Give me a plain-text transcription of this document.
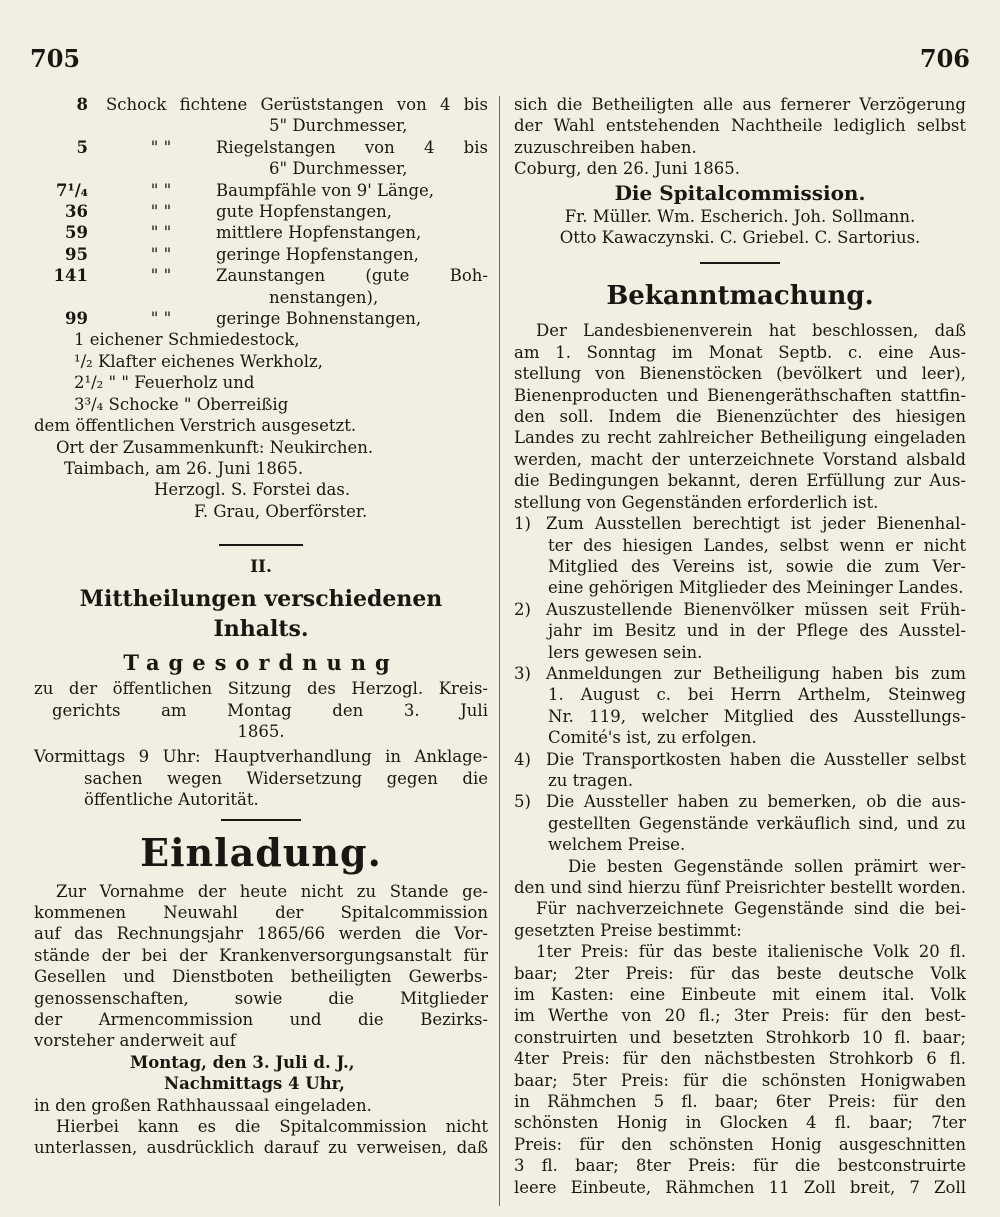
705	706
8	Schock fichtene Gerüststangen von 4 bis
5" Durchmesser,
5	" "	Riegelstangen von 4 bis
6" Durchmesser,
7¹/₄	" "	Baumpfähle von 9' Länge,
36	" "	gute Hopfenstangen,
59	" "	mittlere Hopfenstangen,
95	" "	geringe Hopfenstangen,
141	" "	Zaunstangen (gute Boh-
nenstangen),
99	" "	geringe Bohnenstangen,
1 eichener Schmiedestock,
¹/₂ Klafter eichenes Werkholz,
2¹/₂ " " Feuerholz und
3³/₄ Schocke " Oberreißig
dem öffentlichen Verstrich ausgesetzt.
Ort der Zusammenkunft: Neukirchen.
Taimbach, am 26. Juni 1865.
Herzogl. S. Forstei das.
F. Grau, Oberförster.
II.
Mittheilungen verschiedenen Inhalts.
Tagesordnung
zu der öffentlichen Sitzung des Herzogl. Kreis-
gerichts am Montag den 3. Juli
1865.
Vormittags 9 Uhr: Hauptverhandlung in Anklage-
sachen wegen Widersetzung gegen die
öffentliche Autorität.
Einladung.
Zur Vornahme der heute nicht zu Stande ge-
kommenen Neuwahl der Spitalcommission
auf das Rechnungsjahr 1865/66 werden die Vor-
stände der bei der Krankenversorgungsanstalt für
Gesellen und Dienstboten betheiligten Gewerbs-
genossenschaften, sowie die Mitglieder
der Armencommission und die Bezirks-
vorsteher anderweit auf
Montag, den 3. Juli d. J.,
Nachmittags 4 Uhr,
in den großen Rathhaussaal eingeladen.
Hierbei kann es die Spitalcommission nicht
unterlassen, ausdrücklich darauf zu verweisen, daß
sich die Betheiligten alle aus fernerer Verzögerung
der Wahl entstehenden Nachtheile lediglich selbst
zuzuschreiben haben.
Coburg, den 26. Juni 1865.
Die Spitalcommission.
Fr. Müller. Wm. Escherich. Joh. Sollmann.
Otto Kawaczynski. C. Griebel. C. Sartorius.
Bekanntmachung.
Der Landesbienenverein hat beschlossen, daß
am 1. Sonntag im Monat Septb. c. eine Aus-
stellung von Bienenstöcken (bevölkert und leer),
Bienenproducten und Bienengeräthschaften stattfin-
den soll. Indem die Bienenzüchter des hiesigen
Landes zu recht zahlreicher Betheiligung eingeladen
werden, macht der unterzeichnete Vorstand alsbald
die Bedingungen bekannt, deren Erfüllung zur Aus-
stellung von Gegenständen erforderlich ist.
1) Zum Ausstellen berechtigt ist jeder Bienenhal-
ter des hiesigen Landes, selbst wenn er nicht
Mitglied des Vereins ist, sowie die zum Ver-
eine gehörigen Mitglieder des Meininger Landes.
2) Auszustellende Bienenvölker müssen seit Früh-
jahr im Besitz und in der Pflege des Ausstel-
lers gewesen sein.
3) Anmeldungen zur Betheiligung haben bis zum
1. August c. bei Herrn Arthelm, Steinweg
Nr. 119, welcher Mitglied des Ausstellungs-
Comité's ist, zu erfolgen.
4) Die Transportkosten haben die Aussteller selbst
zu tragen.
5) Die Aussteller haben zu bemerken, ob die aus-
gestellten Gegenstände verkäuflich sind, und zu
welchem Preise.
Die besten Gegenstände sollen prämirt wer-
den und sind hierzu fünf Preisrichter bestellt worden.
Für nachverzeichnete Gegenstände sind die bei-
gesetzten Preise bestimmt:
1ter Preis: für das beste italienische Volk 20 fl.
baar; 2ter Preis: für das beste deutsche Volk
im Kasten: eine Einbeute mit einem ital. Volk
im Werthe von 20 fl.; 3ter Preis: für den best-
construirten und besetzten Strohkorb 10 fl. baar;
4ter Preis: für den nächstbesten Strohkorb 6 fl.
baar; 5ter Preis: für die schönsten Honigwaben
in Rähmchen 5 fl. baar; 6ter Preis: für den
schönsten Honig in Glocken 4 fl. baar; 7ter
Preis: für den schönsten Honig ausgeschnitten
3 fl. baar; 8ter Preis: für die bestconstruirte
leere Einbeute, Rähmchen 11 Zoll breit, 7 Zoll
